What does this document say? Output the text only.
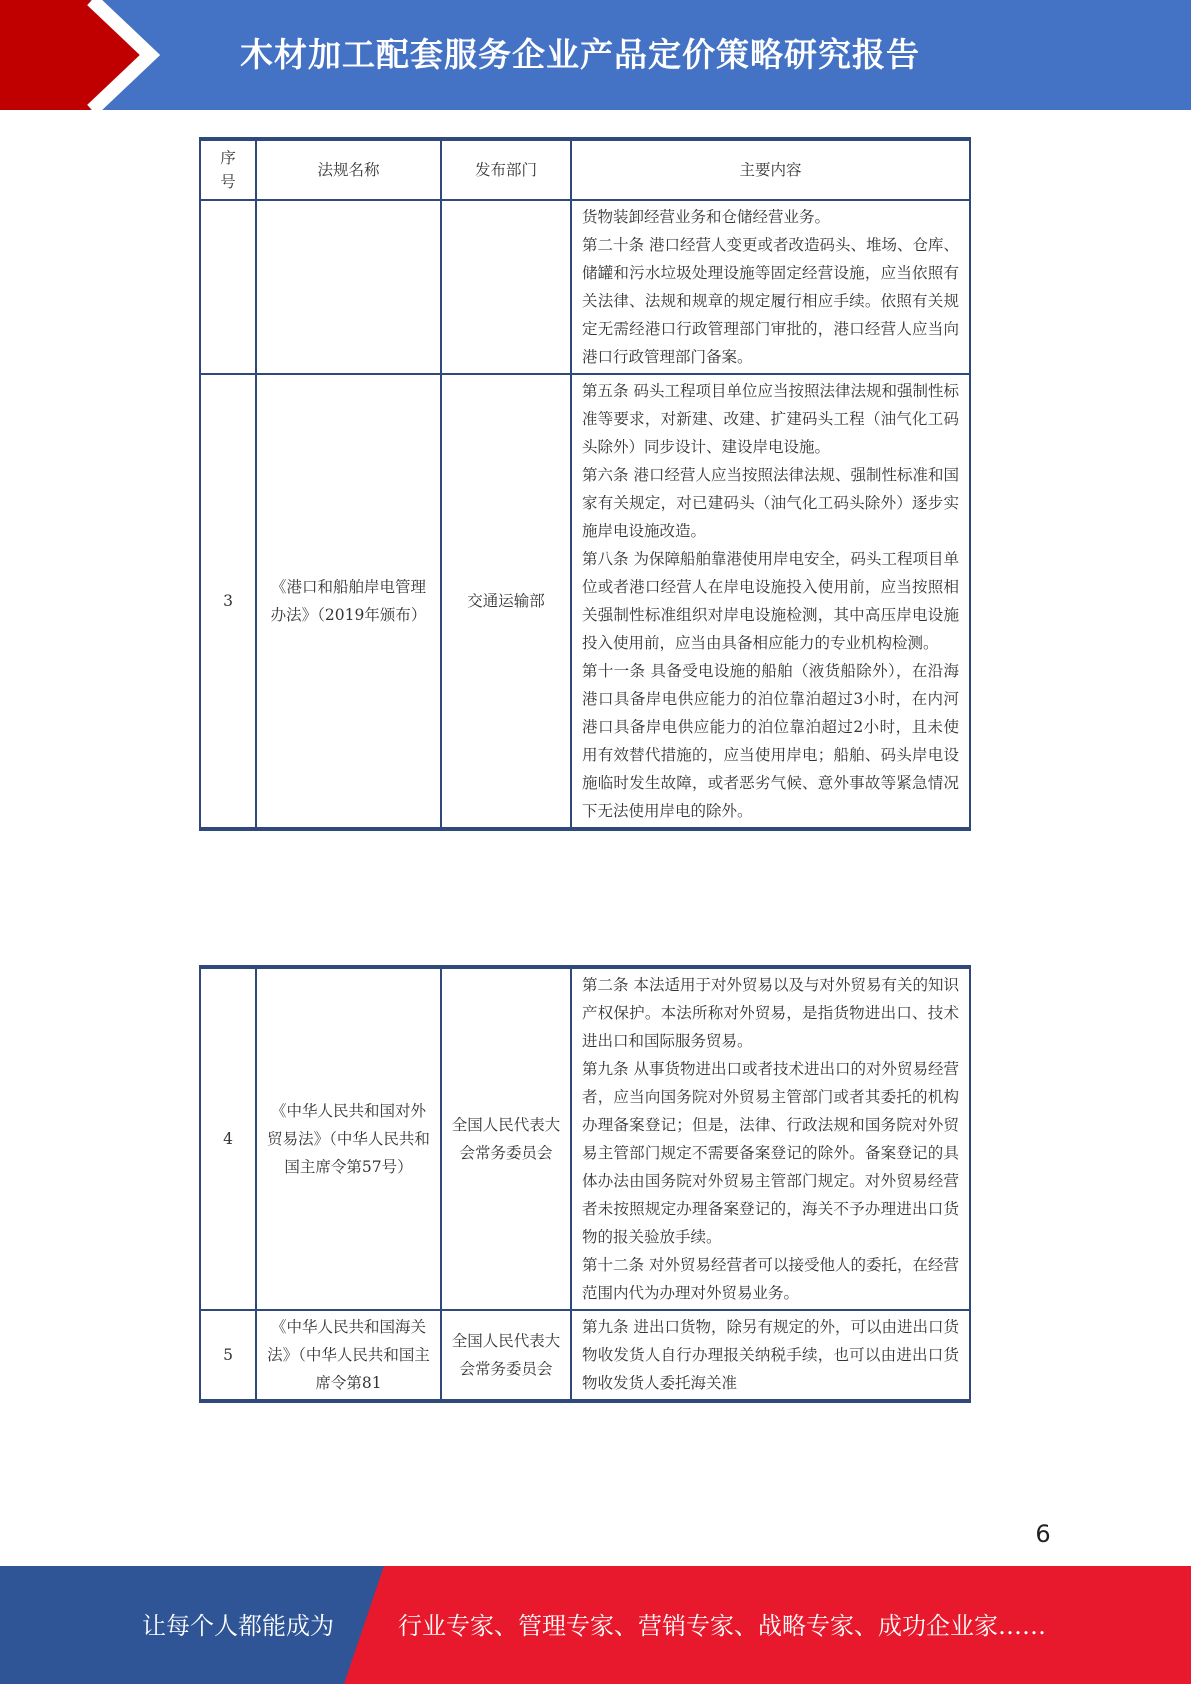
木材加工配套服务企业产品定价策略研究报告
序号	法规名称	发布部门	主要内容

			货物装卸经营业务和仓储经营业务。
第二十条 港口经营人变更或者改造码头、堆场、仓库、储罐和污水垃圾处理设施等固定经营设施，应当依照有关法律、法规和规章的规定履行相应手续。依照有关规定无需经港口行政管理部门审批的，港口经营人应当向港口行政管理部门备案。

3	《港口和船舶岸电管理办法》（2019年颁布）	交通运输部	第五条 码头工程项目单位应当按照法律法规和强制性标准等要求，对新建、改建、扩建码头工程（油气化工码头除外）同步设计、建设岸电设施。
第六条 港口经营人应当按照法律法规、强制性标准和国家有关规定，对已建码头（油气化工码头除外）逐步实施岸电设施改造。
第八条 为保障船舶靠港使用岸电安全，码头工程项目单位或者港口经营人在岸电设施投入使用前，应当按照相关强制性标准组织对岸电设施检测，其中高压岸电设施投入使用前，应当由具备相应能力的专业机构检测。
第十一条 具备受电设施的船舶（液货船除外），在沿海港口具备岸电供应能力的泊位靠泊超过3小时，在内河港口具备岸电供应能力的泊位靠泊超过2小时，且未使用有效替代措施的，应当使用岸电；船舶、码头岸电设施临时发生故障，或者恶劣气候、意外事故等紧急情况下无法使用岸电的除外。
4	《中华人民共和国对外贸易法》（中华人民共和国主席令第57号）	全国人民代表大会常务委员会	第二条 本法适用于对外贸易以及与对外贸易有关的知识产权保护。本法所称对外贸易，是指货物进出口、技术进出口和国际服务贸易。
第九条 从事货物进出口或者技术进出口的对外贸易经营者，应当向国务院对外贸易主管部门或者其委托的机构办理备案登记；但是，法律、行政法规和国务院对外贸易主管部门规定不需要备案登记的除外。备案登记的具体办法由国务院对外贸易主管部门规定。对外贸易经营者未按照规定办理备案登记的，海关不予办理进出口货物的报关验放手续。
第十二条 对外贸易经营者可以接受他人的委托，在经营范围内代为办理对外贸易业务。

5	《中华人民共和国海关法》（中华人民共和国主席令第81	全国人民代表大会常务委员会	第九条 进出口货物，除另有规定的外，可以由进出口货物收发货人自行办理报关纳税手续，也可以由进出口货物收发货人委托海关准
6
让每个人都能成为	行业专家、管理专家、营销专家、战略专家、成功企业家……
